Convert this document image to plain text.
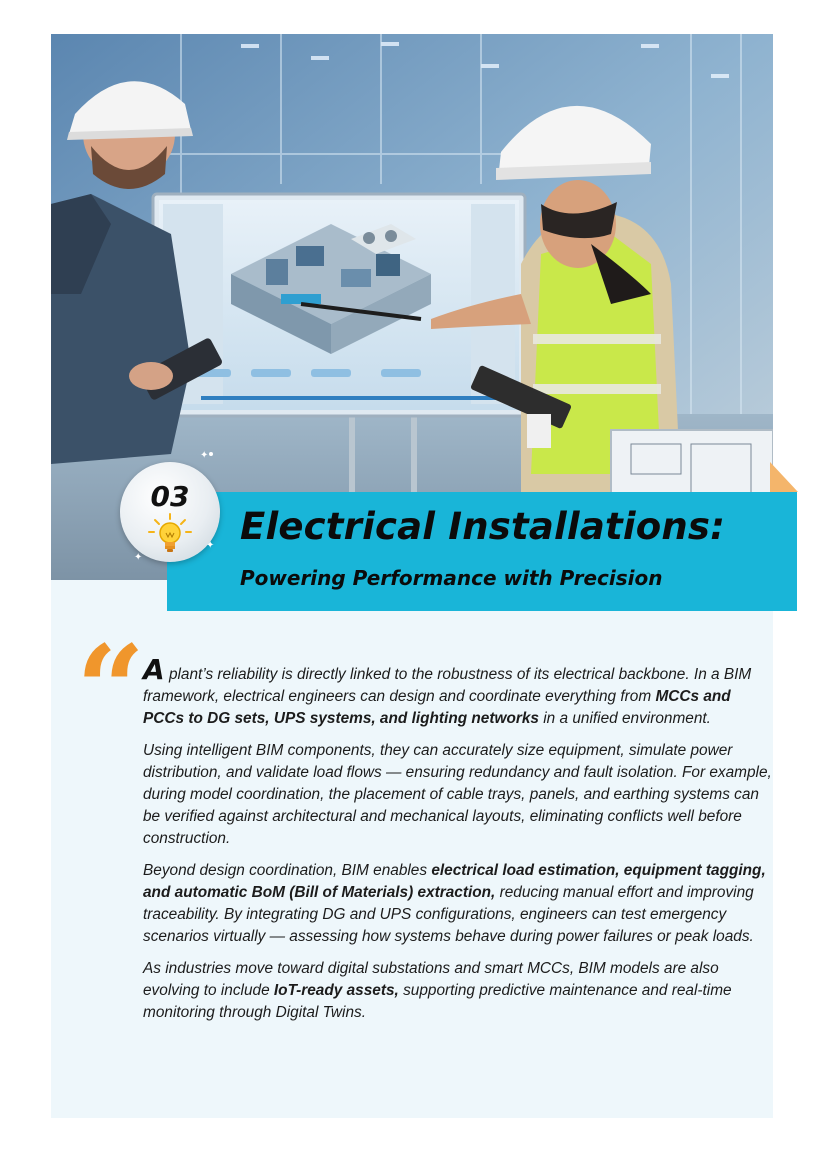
Electrical Installations:
Powering Performance with Precision
03
✦
✦
✦
“

A plant’s reliability is directly linked to the robustness of its electrical backbone. In a BIM framework, electrical engineers can design and coordinate everything from MCCs and PCCs to DG sets, UPS systems, and lighting networks in a unified environment.

Using intelligent BIM components, they can accurately size equipment, simulate power distribution, and validate load flows — ensuring redundancy and fault isolation. For example, during model coordination, the placement of cable trays, panels, and earthing systems can be verified against architectural and mechanical layouts, eliminating conflicts well before construction.

Beyond design coordination, BIM enables electrical load estimation, equipment tagging, and automatic BoM (Bill of Materials) extraction, reducing manual effort and improving traceability. By integrating DG and UPS configurations, engineers can test emergency scenarios virtually — assessing how systems behave during power failures or peak loads.

As industries move toward digital substations and smart MCCs, BIM models are also evolving to include IoT-ready assets, supporting predictive maintenance and real-time monitoring through Digital Twins.
